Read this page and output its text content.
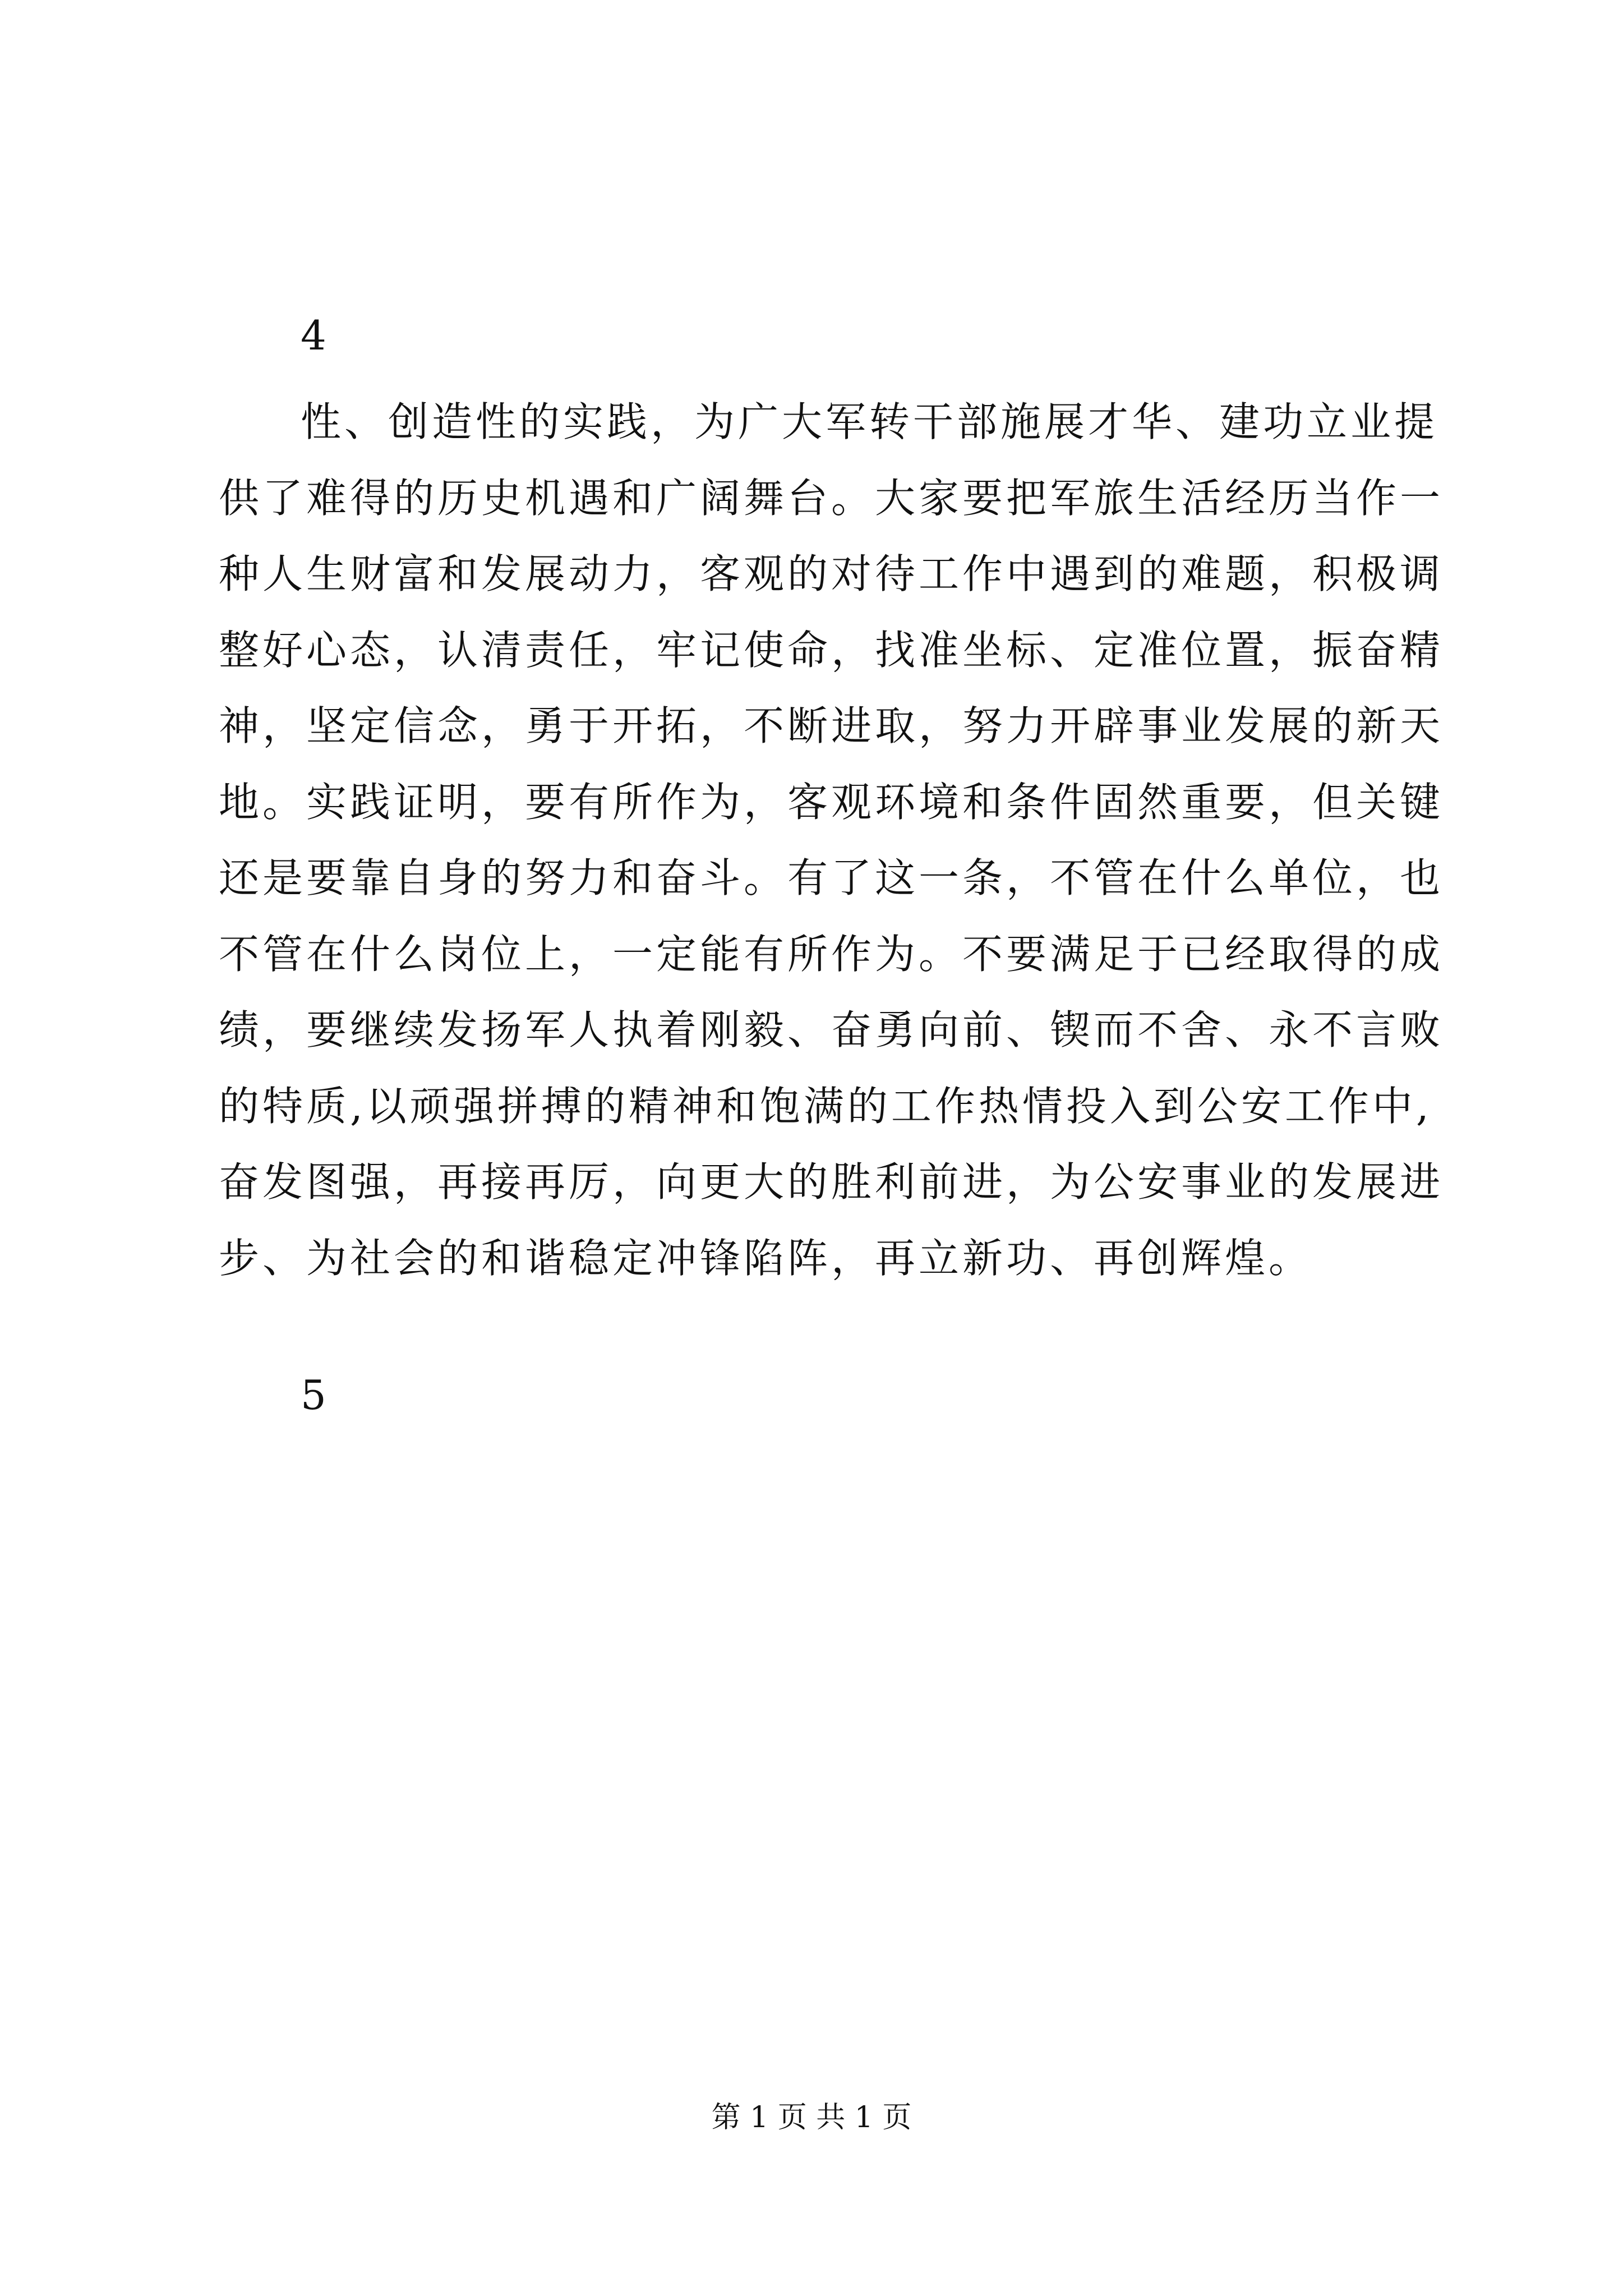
4

性、创造性的实践，为广大军转干部施展才华、建功立业提
供了难得的历史机遇和广阔舞台。大家要把军旅生活经历当作一
种人生财富和发展动力，客观的对待工作中遇到的难题，积极调
整好心态，认清责任，牢记使命，找准坐标、定准位置，振奋精
神，坚定信念，勇于开拓，不断进取，努力开辟事业发展的新天
地。实践证明，要有所作为，客观环境和条件固然重要，但关键
还是要靠自身的努力和奋斗。有了这一条，不管在什么单位，也
不管在什么岗位上，一定能有所作为。不要满足于已经取得的成
绩，要继续发扬军人执着刚毅、奋勇向前、锲而不舍、永不言败
的特质,以顽强拼搏的精神和饱满的工作热情投入到公安工作中,
奋发图强，再接再厉，向更大的胜利前进，为公安事业的发展进
步、为社会的和谐稳定冲锋陷阵，再立新功、再创辉煌。

5

第 1 页 共 1 页
